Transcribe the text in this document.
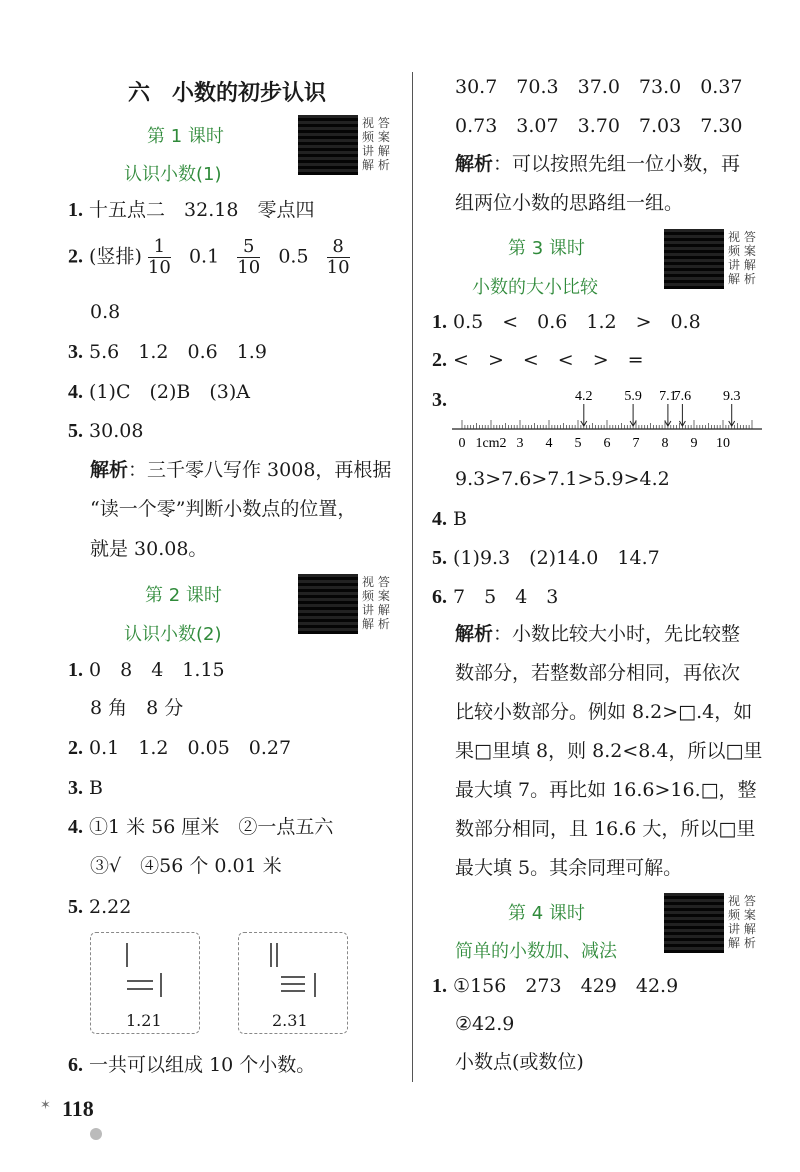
六　小数的初步认识
第 1 课时
认识小数(1)
视 答
频 案
讲 解
解 析
1. 十五点二　32.18　零点四
2. (竖排) $\frac{1}{10} 0.1 \frac{5}{10} 0.5 \frac{8}{10}$
0.8
3. 5.6　1.2　0.6　1.9
4. (1)C　(2)B　(3)A
5. 30.08
解析：三千零八写作 3008，再根据
“读一个零”判断小数点的位置，
就是 30.08。
第 2 课时
认识小数(2)
视 答
频 案
讲 解
解 析
1. 0　8　4　1.15
8 角　8 分
2. 0.1　1.2　0.05　0.27
3. B
4. ①1 米 56 厘米　②一点五六
③√　④56 个 0.01 米
5. 2.22
1.21	2.31
6. 一共可以组成 10 个小数。
✶ 118
30.7　70.3　37.0　73.0　0.37
0.73　3.07　3.70　7.03　7.30
解析：可以按照先组一位小数，再
组两位小数的思路组一组。
第 3 课时
小数的大小比较
视 答
频 案
讲 解
解 析
1. 0.5　<　0.6　1.2　>　0.8
2. <　>　<　<　>　=
3.
0 1cm2 3 4 5 6 7 8 9 10
4.2 5.9 7.1
7.6 9.3
9.3>7.6>7.1>5.9>4.2
4. B
5. (1)9.3　(2)14.0　14.7
6. 7　5　4　3
解析：小数比较大小时，先比较整
数部分，若整数部分相同，再依次
比较小数部分。例如 8.2>□.4，如
果□里填 8，则 8.2<8.4，所以□里
最大填 7。再比如 16.6>16.□，整
数部分相同，且 16.6 大，所以□里
最大填 5。其余同理可解。
第 4 课时
简单的小数加、减法
视 答
频 案
讲 解
解 析
1. ①156　273　429　42.9
②42.9
小数点(或数位)
